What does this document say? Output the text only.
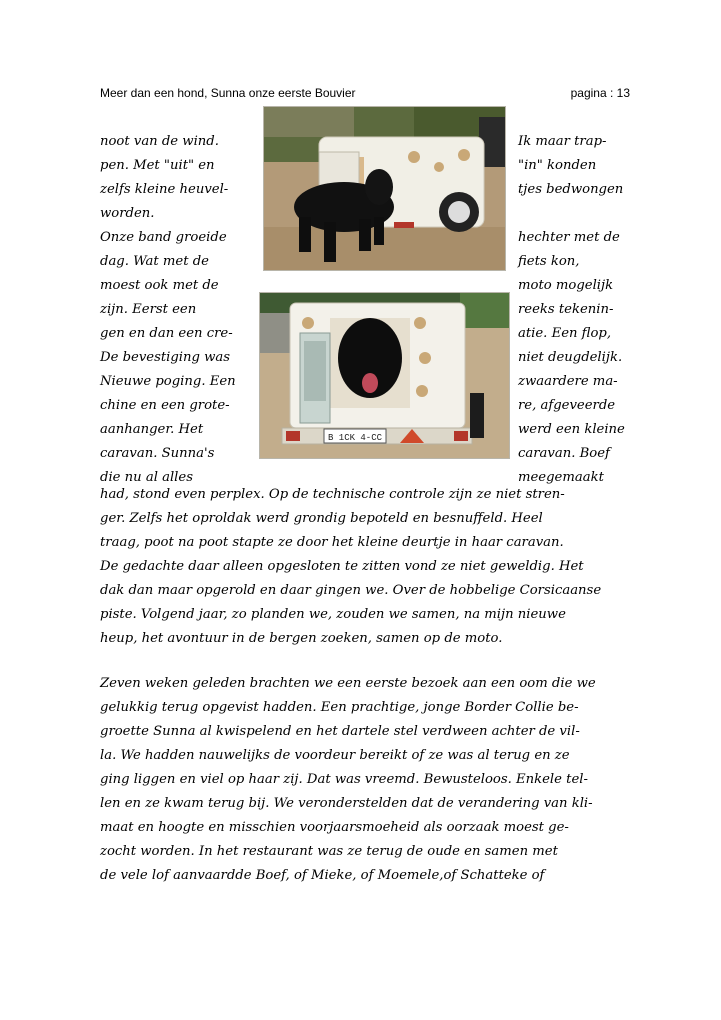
Meer dan een hond, Sunna onze eerste Bouvier	pagina : 13
B 1CK 4-CC
noot van de wind.
pen. Met "uit" en
zelfs kleine heuvel-
worden.
Onze band groeide
dag. Wat met de
moest ook met de
zijn. Eerst een
gen en dan een cre-
De bevestiging was
Nieuwe poging. Een
chine en een grote-
aanhanger. Het
caravan. Sunna's
die nu al alles
Ik maar trap-
"in" konden
tjes bedwongen
hechter met de
fiets kon,
moto mogelijk
reeks tekenin-
atie. Een flop,
niet deugdelijk.
zwaardere ma-
re, afgeveerde
werd een kleine
caravan. Boef
meegemaakt
had, stond even perplex. Op de technische controle zijn ze niet stren-
ger. Zelfs het oproldak werd grondig bepoteld en besnuffeld. Heel
traag, poot na poot stapte ze door het kleine deurtje in haar caravan.
De gedachte daar alleen opgesloten te zitten vond ze niet geweldig. Het
dak dan maar opgerold en daar gingen we. Over de hobbelige Corsicaanse
piste. Volgend jaar, zo planden we, zouden we samen, na mijn nieuwe
heup, het avontuur in de bergen zoeken, samen op de moto.
Zeven weken geleden brachten we een eerste bezoek aan een oom die we
gelukkig terug opgevist hadden. Een prachtige, jonge Border Collie be-
groette Sunna al kwispelend en het dartele stel verdween achter de vil-
la. We hadden nauwelijks de voordeur bereikt of ze was al terug en ze
ging liggen en viel op haar zij. Dat was vreemd. Bewusteloos. Enkele tel-
len en ze kwam terug bij. We veronderstelden dat de verandering van kli-
maat en hoogte en misschien voorjaarsmoeheid als oorzaak moest ge-
zocht worden. In het restaurant was ze terug de oude en samen met
de vele lof aanvaardde Boef, of Mieke, of Moemele,of Schatteke of
